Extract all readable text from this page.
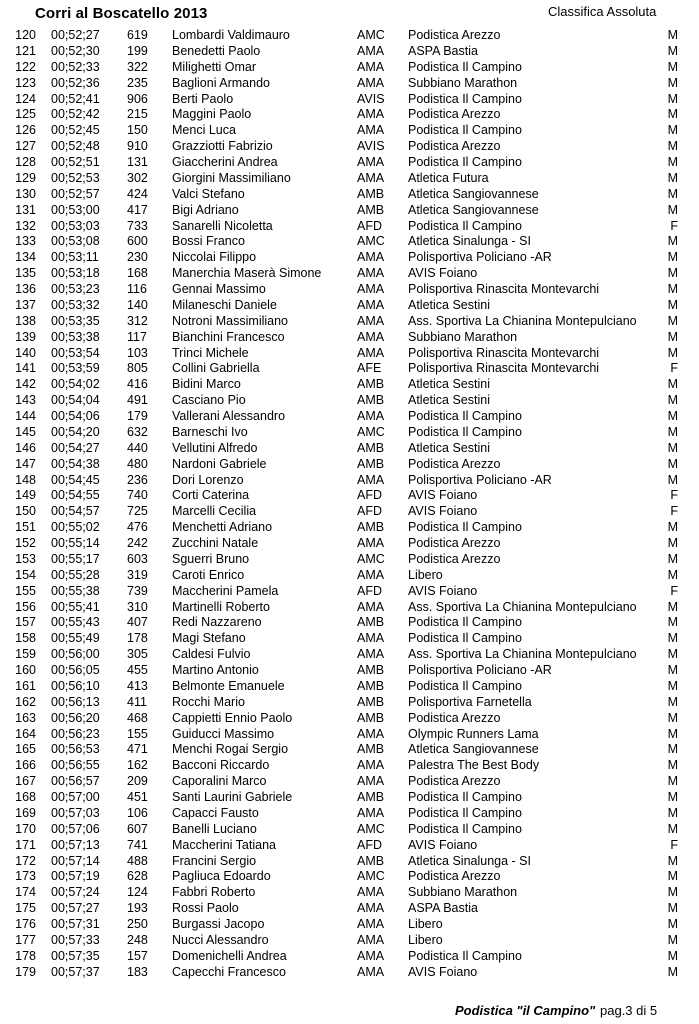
Corri al Boscatello 2013	Classifica Assoluta
120 00;52;27 619 Lombardi Valdimauro	AMC Podistica Arezzo	M
121 00;52;30 199 Benedetti Paolo	AMA ASPA Bastia	M
122 00;52;33 322 Milighetti Omar	AMA Podistica Il Campino	M
123 00;52;36 235 Baglioni Armando	AMA Subbiano Marathon	M
124 00;52;41 906 Berti Paolo	AVIS Podistica Il Campino	M
125 00;52;42 215 Maggini Paolo	AMA Podistica Arezzo	M
126 00;52;45 150 Menci Luca	AMA Podistica Il Campino	M
127 00;52;48 910 Grazziotti Fabrizio	AVIS Podistica Arezzo	M
128 00;52;51 131 Giaccherini Andrea	AMA Podistica Il Campino	M
129 00;52;53 302 Giorgini Massimiliano	AMA Atletica Futura	M
130 00;52;57 424 Valci Stefano	AMB Atletica Sangiovannese	M
131 00;53;00 417 Bigi Adriano	AMB Atletica Sangiovannese	M
132 00;53;03 733 Sanarelli Nicoletta	AFD Podistica Il Campino	F
133 00;53;08 600 Bossi Franco	AMC Atletica Sinalunga - SI	M
134 00;53;11 230 Niccolai Filippo	AMA Polisportiva Policiano -AR	M
135 00;53;18 168 Manerchia Maserà Simone	AMA AVIS Foiano	M
136 00;53;23 116 Gennai Massimo	AMA Polisportiva Rinascita Montevarchi	M
137 00;53;32 140 Milaneschi Daniele	AMA Atletica Sestini	M
138 00;53;35 312 Notroni Massimiliano	AMA Ass. Sportiva La Chianina Montepulciano M
139 00;53;38 117 Bianchini Francesco	AMA Subbiano Marathon	M
140 00;53;54 103 Trinci Michele	AMA Polisportiva Rinascita Montevarchi	M
141 00;53;59 805 Collini Gabriella	AFE Polisportiva Rinascita Montevarchi	F
142 00;54;02 416 Bidini Marco	AMB Atletica Sestini	M
143 00;54;04 491 Casciano Pio	AMB Atletica Sestini	M
144 00;54;06 179 Vallerani Alessandro	AMA Podistica Il Campino	M
145 00;54;20 632 Barneschi Ivo	AMC Podistica Il Campino	M
146 00;54;27 440 Vellutini Alfredo	AMB Atletica Sestini	M
147 00;54;38 480 Nardoni Gabriele	AMB Podistica Arezzo	M
148 00;54;45 236 Dori Lorenzo	AMA Polisportiva Policiano -AR	M
149 00;54;55 740 Corti Caterina	AFD AVIS Foiano	F
150 00;54;57 725 Marcelli Cecilia	AFD AVIS Foiano	F
151 00;55;02 476 Menchetti Adriano	AMB Podistica Il Campino	M
152 00;55;14 242 Zucchini Natale	AMA Podistica Arezzo	M
153 00;55;17 603 Sguerri Bruno	AMC Podistica Arezzo	M
154 00;55;28 319 Caroti Enrico	AMA Libero	M
155 00;55;38 739 Maccherini Pamela	AFD AVIS Foiano	F
156 00;55;41 310 Martinelli Roberto	AMA Ass. Sportiva La Chianina Montepulciano M
157 00;55;43 407 Redi Nazzareno	AMB Podistica Il Campino	M
158 00;55;49 178 Magi Stefano	AMA Podistica Il Campino	M
159 00;56;00 305 Caldesi Fulvio	AMA Ass. Sportiva La Chianina Montepulciano M
160 00;56;05 455 Martino Antonio	AMB Polisportiva Policiano -AR	M
161 00;56;10 413 Belmonte Emanuele	AMB Podistica Il Campino	M
162 00;56;13 411 Rocchi Mario	AMB Polisportiva Farnetella	M
163 00;56;20 468 Cappietti Ennio Paolo	AMB Podistica Arezzo	M
164 00;56;23 155 Guiducci Massimo	AMA Olympic Runners Lama	M
165 00;56;53 471 Menchi Rogai Sergio	AMB Atletica Sangiovannese	M
166 00;56;55 162 Bacconi Riccardo	AMA Palestra The Best Body	M
167 00;56;57 209 Caporalini Marco	AMA Podistica Arezzo	M
168 00;57;00 451 Santi Laurini Gabriele	AMB Podistica Il Campino	M
169 00;57;03 106 Capacci Fausto	AMA Podistica Il Campino	M
170 00;57;06 607 Banelli Luciano	AMC Podistica Il Campino	M
171 00;57;13 741 Maccherini Tatiana	AFD AVIS Foiano	F
172 00;57;14 488 Francini Sergio	AMB Atletica Sinalunga - SI	M
173 00;57;19 628 Pagliuca Edoardo	AMC Podistica Arezzo	M
174 00;57;24 124 Fabbri Roberto	AMA Subbiano Marathon	M
175 00;57;27 193 Rossi Paolo	AMA ASPA Bastia	M
176 00;57;31 250 Burgassi Jacopo	AMA Libero	M
177 00;57;33 248 Nucci Alessandro	AMA Libero	M
178 00;57;35 157 Domenichelli Andrea	AMA Podistica Il Campino	M
179 00;57;37 183 Capecchi Francesco	AMA AVIS Foiano	M
Podistica "il Campino" pag.3 di 5
